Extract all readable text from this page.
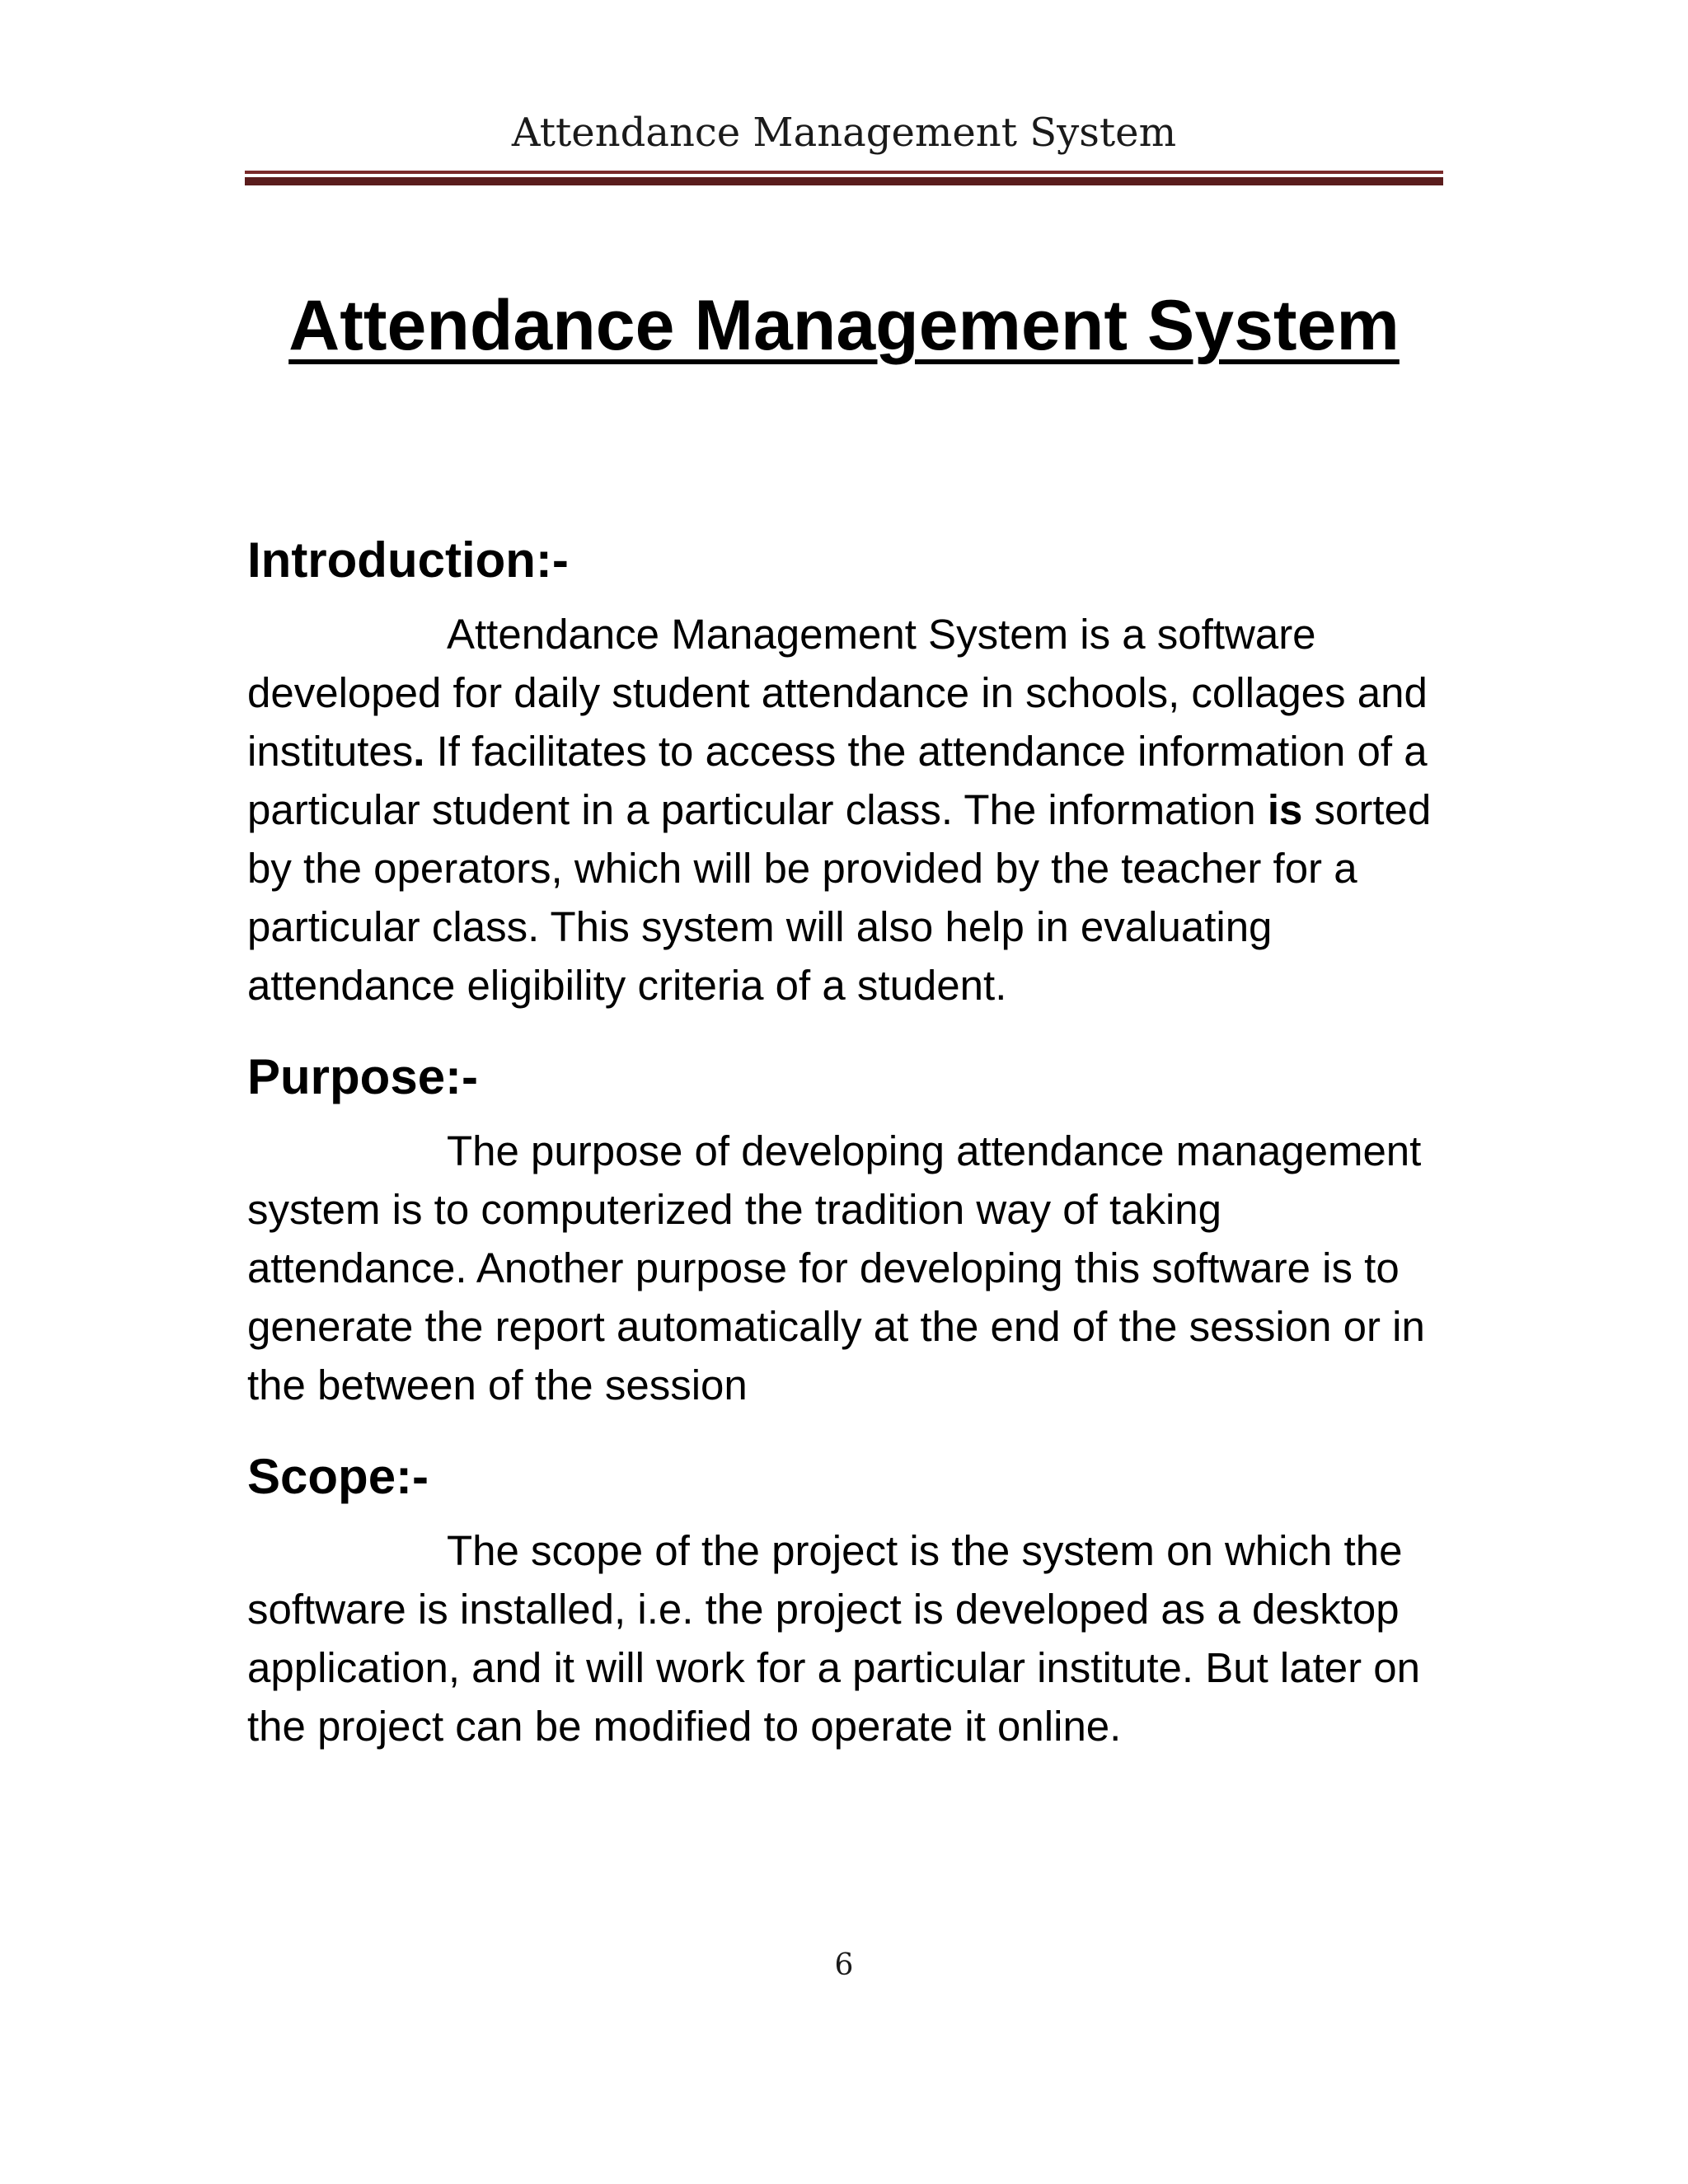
Attendance Management System
Attendance Management System
Introduction:-

Attendance Management System is a software developed for daily student attendance in schools, collages and institutes. If facilitates to access the attendance information of a particular student in a particular class. The information is sorted by the operators, which will be provided by the teacher for a particular class. This system will also help in evaluating attendance eligibility criteria of a student.

Purpose:-

The purpose of developing attendance management system is to computerized the tradition way of taking attendance. Another purpose for developing this software is to generate the report automatically at the end of the session or in the between of the session

Scope:-

The scope of the project is the system on which the software is installed, i.e. the project is developed as a desktop application, and it will work for a particular institute. But later on the project can be modified to operate it online.

6
